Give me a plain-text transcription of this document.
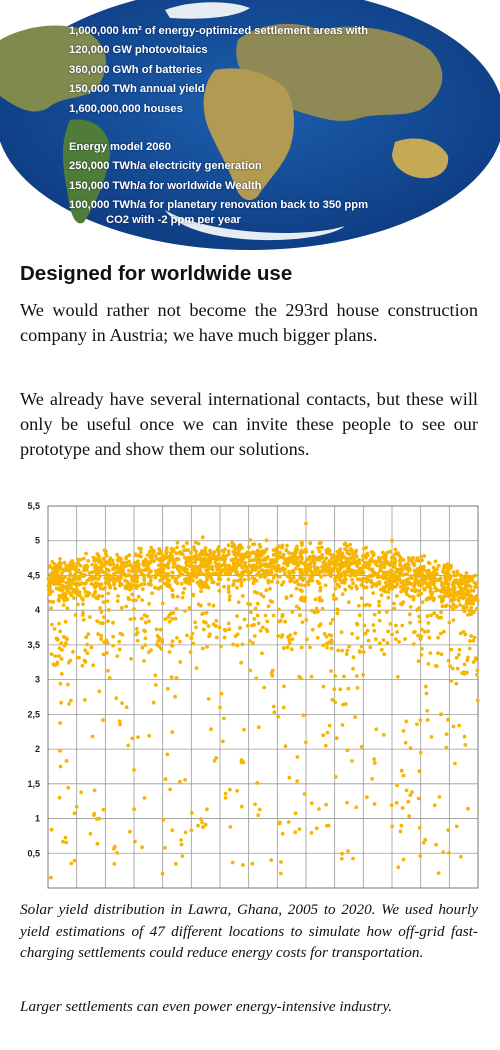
1,000,000 km² of energy-optimized settlement areas with
120,000 GW photovoltaics
360,000 GWh of batteries
150,000 TWh annual yield
1,600,000,000 houses
Energy model 2060
250,000 TWh/a electricity generation
150,000 TWh/a for worldwide Wealth
100,000 TWh/a for planetary renovation back to 350 ppm
CO2 with -2 ppm per year
Designed for worldwide use

We would rather not become the 293rd house construction company in Austria; we have much bigger plans.

We already have several international contacts, but these will only be useful once we can invite these people to see our prototype and show them our solutions.

5,5
5
4,5
4
3,5
3
2,5
2
1,5
1
0,5

Solar yield distribution in Lawra, Ghana, 2005 to 2020. We used hourly yield estimations of 47 different locations to simulate how off-grid fast-charging settlements could reduce energy costs for transportation.

Larger settlements can even power energy-intensive industry.
